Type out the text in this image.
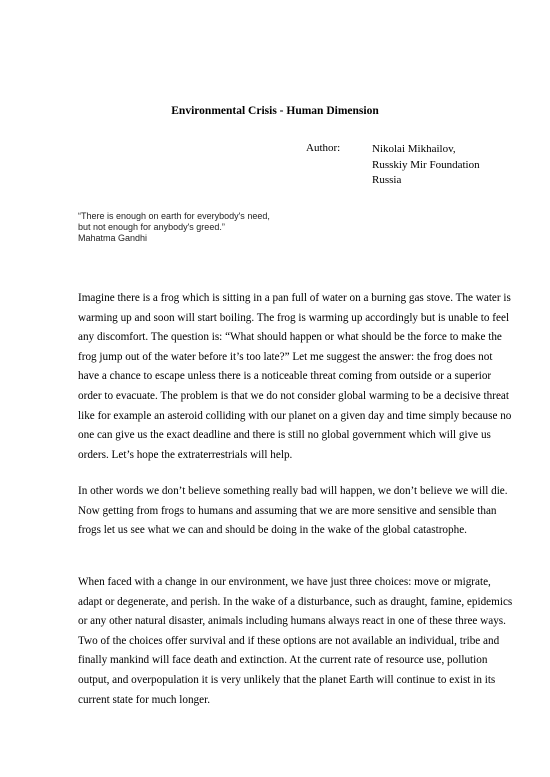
Environmental Crisis - Human Dimension
Author:	Nikolai Mikhailov,
Russkiy Mir Foundation
Russia
“There is enough on earth for everybody's need,
but not enough for anybody's greed.”
Mahatma Gandhi
Imagine there is a frog which is sitting in a pan full of water on a burning gas stove. The water is
warming up and soon will start boiling. The frog is warming up accordingly but is unable to feel
any discomfort. The question is: “What should happen or what should be the force to make the
frog jump out of the water before it’s too late?” Let me suggest the answer: the frog does not
have a chance to escape unless there is a noticeable threat coming from outside or a superior
order to evacuate. The problem is that we do not consider global warming to be a decisive threat
like for example an asteroid colliding with our planet on a given day and time simply because no
one can give us the exact deadline and there is still no global government which will give us
orders. Let’s hope the extraterrestrials will help.
In other words we don’t believe something really bad will happen, we don’t believe we will die.
Now getting from frogs to humans and assuming that we are more sensitive and sensible than
frogs let us see what we can and should be doing in the wake of the global catastrophe.
When faced with a change in our environment, we have just three choices: move or migrate,
adapt or degenerate, and perish. In the wake of a disturbance, such as draught, famine, epidemics
or any other natural disaster, animals including humans always react in one of these three ways.
Two of the choices offer survival and if these options are not available an individual, tribe and
finally mankind will face death and extinction. At the current rate of resource use, pollution
output, and overpopulation it is very unlikely that the planet Earth will continue to exist in its
current state for much longer.
